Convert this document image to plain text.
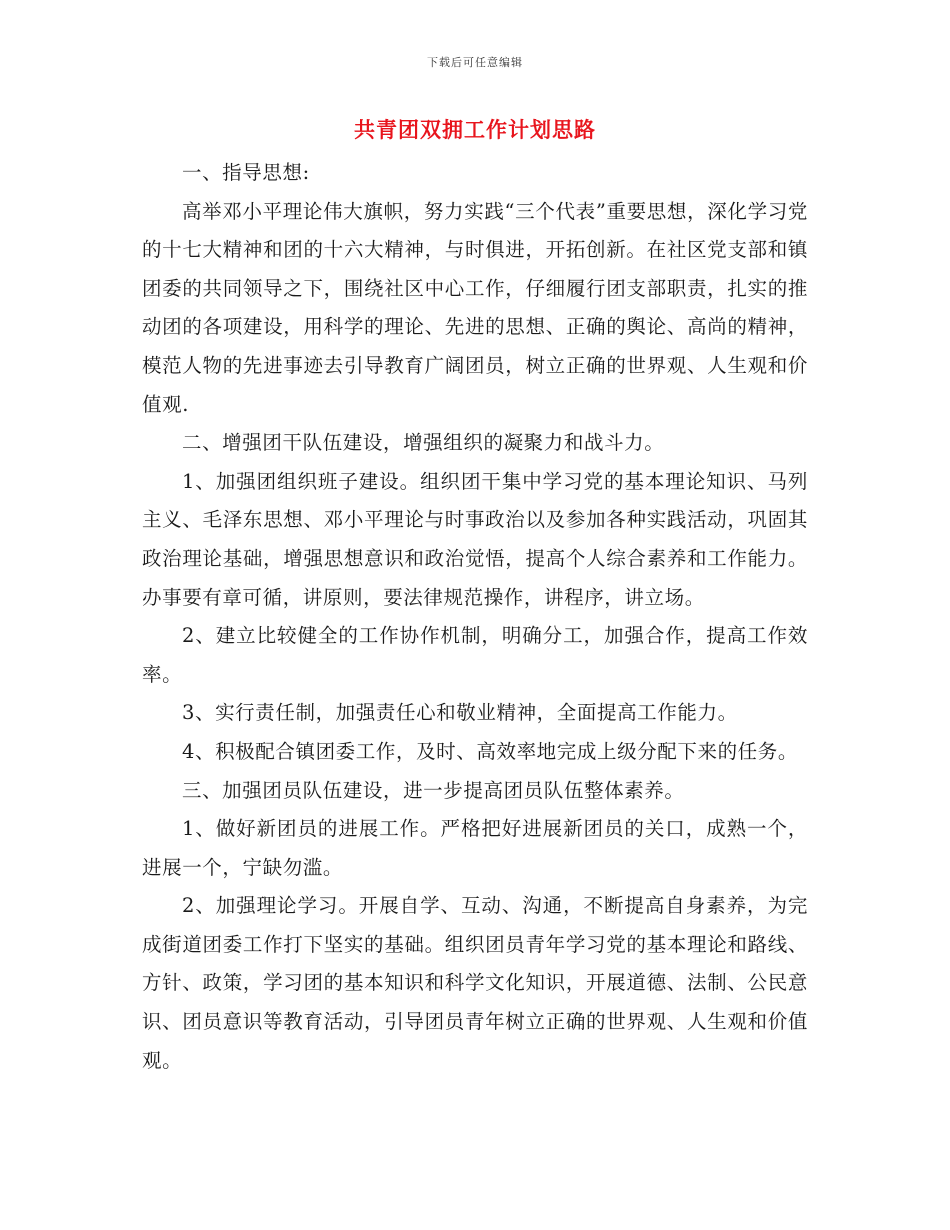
下载后可任意编辑
共青团双拥工作计划思路

一、指导思想:

高举邓小平理论伟大旗帜，努力实践“三个代表”重要思想，深化学习党的十七大精神和团的十六大精神，与时俱进，开拓创新。在社区党支部和镇团委的共同领导之下，围绕社区中心工作，仔细履行团支部职责，扎实的推动团的各项建设，用科学的理论、先进的思想、正确的舆论、高尚的精神，模范人物的先进事迹去引导教育广阔团员，树立正确的世界观、人生观和价值观.

二、增强团干队伍建设，增强组织的凝聚力和战斗力。

1、加强团组织班子建设。组织团干集中学习党的基本理论知识、马列主义、毛泽东思想、邓小平理论与时事政治以及参加各种实践活动，巩固其政治理论基础，增强思想意识和政治觉悟，提高个人综合素养和工作能力。办事要有章可循，讲原则，要法律规范操作，讲程序，讲立场。

2、建立比较健全的工作协作机制，明确分工，加强合作，提高工作效率。

3、实行责任制，加强责任心和敬业精神，全面提高工作能力。

4、积极配合镇团委工作，及时、高效率地完成上级分配下来的任务。

三、加强团员队伍建设，进一步提高团员队伍整体素养。

1、做好新团员的进展工作。严格把好进展新团员的关口，成熟一个，进展一个，宁缺勿滥。

2、加强理论学习。开展自学、互动、沟通，不断提高自身素养，为完成街道团委工作打下坚实的基础。组织团员青年学习党的基本理论和路线、方针、政策，学习团的基本知识和科学文化知识，开展道德、法制、公民意识、团员意识等教育活动，引导团员青年树立正确的世界观、人生观和价值观。
